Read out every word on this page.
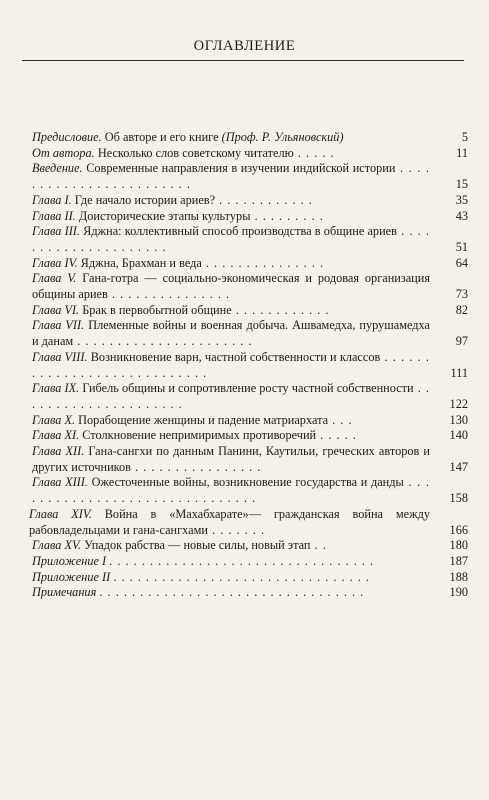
ОГЛАВЛЕНИЕ
Предисловие. Об авторе и его книге (Проф. Р. Ульяновский)	5
От автора. Несколько слов советскому читателю . . . . .	11
Введение. Современные направления в изучении индийской истории . . . . . . . . . . . . . . . . . . . . . . . .	15
Глава I. Где начало истории ариев? . . . . . . . . . . . .	35
Глава II. Доисторические этапы культуры . . . . . . . . .	43
Глава III. Яджна: коллективный способ производства в общине ариев . . . . . . . . . . . . . . . . . . . . .	51
Глава IV. Яджна, Брахман и веда . . . . . . . . . . . . . . .	64
Глава V. Гана-готра — социально-экономическая и родовая организация общины ариев . . . . . . . . . . . . . . .	73
Глава VI. Брак в первобытной общине . . . . . . . . . . . .	82
Глава VII. Племенные войны и военная добыча. Ашвамедха, пурушамедха и данам . . . . . . . . . . . . . . . . . . . . . .	97
Глава VIII. Возникновение варн, частной собственности и классов . . . . . . . . . . . . . . . . . . . . . . . . . . . .	111
Глава IX. Гибель общины и сопротивление росту частной собственности . . . . . . . . . . . . . . . . . . . . .	122
Глава X. Порабощение женщины и падение матриархата . . .	130
Глава XI. Столкновение непримиримых противоречий . . . . .	140
Глава XII. Гана-сангхи по данным Панини, Каутильи, греческих авторов и других источников . . . . . . . . . . . . . . . .	147
Глава XIII. Ожесточенные войны, возникновение государства и данды . . . . . . . . . . . . . . . . . . . . . . . . . . . . . . .	158
Глава XIV. Война в «Махабхарате»— гражданская война между рабовладельцами и гана-сангхами . . . . . . .	166
Глава XV. Упадок рабства — новые силы, новый этап . .	180
Приложение I . . . . . . . . . . . . . . . . . . . . . . . . . . . . . . . . .	187
Приложение II . . . . . . . . . . . . . . . . . . . . . . . . . . . . . . . .	188
Примечания . . . . . . . . . . . . . . . . . . . . . . . . . . . . . . . . .	190
